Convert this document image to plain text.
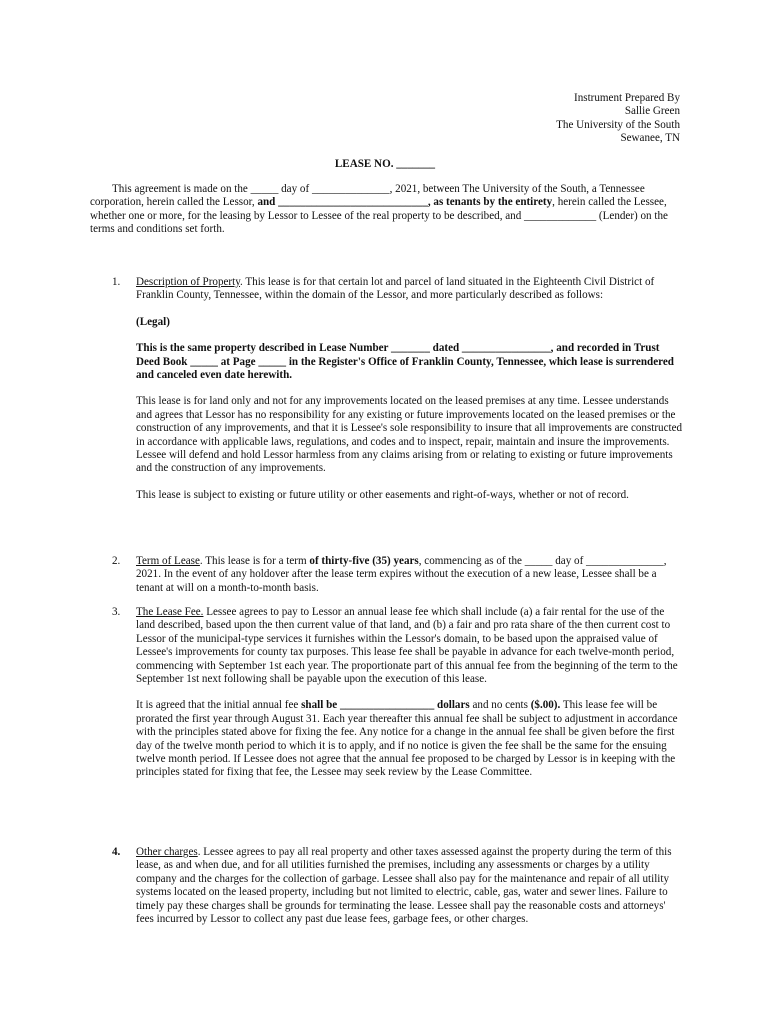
Instrument Prepared By
Sallie Green
The University of the South
Sewanee, TN
LEASE NO. _______
This agreement is made on the _____ day of ______________, 2021, between The University of the South, a Tennessee corporation, herein called the Lessor, and ___________________________, as tenants by the entirety, herein called the Lessee, whether one or more, for the leasing by Lessor to Lessee of the real property to be described, and _____________ (Lender) on the terms and conditions set forth.
1.	Description of Property. This lease is for that certain lot and parcel of land situated in the Eighteenth Civil District of Franklin County, Tennessee, within the domain of the Lessor, and more particularly described as follows:

(Legal)

This is the same property described in Lease Number _______ dated ________________, and recorded in Trust Deed Book _____ at Page _____ in the Register's Office of Franklin County, Tennessee, which lease is surrendered and canceled even date herewith.

This lease is for land only and not for any improvements located on the leased premises at any time. Lessee understands and agrees that Lessor has no responsibility for any existing or future improvements located on the leased premises or the construction of any improvements, and that it is Lessee's sole responsibility to insure that all improvements are constructed in accordance with applicable laws, regulations, and codes and to inspect, repair, maintain and insure the improvements. Lessee will defend and hold Lessor harmless from any claims arising from or relating to existing or future improvements and the construction of any improvements.

This lease is subject to existing or future utility or other easements and right-of-ways, whether or not of record.

2.	Term of Lease. This lease is for a term of thirty-five (35) years, commencing as of the _____ day of ______________, 2021. In the event of any holdover after the lease term expires without the execution of a new lease, Lessee shall be a tenant at will on a month-to-month basis.

3.	The Lease Fee. Lessee agrees to pay to Lessor an annual lease fee which shall include (a) a fair rental for the use of the land described, based upon the then current value of that land, and (b) a fair and pro rata share of the then current cost to Lessor of the municipal-type services it furnishes within the Lessor's domain, to be based upon the appraised value of Lessee's improvements for county tax purposes. This lease fee shall be payable in advance for each twelve-month period, commencing with September 1st each year. The proportionate part of this annual fee from the beginning of the term to the September 1st next following shall be payable upon the execution of this lease.

It is agreed that the initial annual fee shall be _________________ dollars and no cents ($.00). This lease fee will be prorated the first year through August 31. Each year thereafter this annual fee shall be subject to adjustment in accordance with the principles stated above for fixing the fee. Any notice for a change in the annual fee shall be given before the first day of the twelve month period to which it is to apply, and if no notice is given the fee shall be the same for the ensuing twelve month period. If Lessee does not agree that the annual fee proposed to be charged by Lessor is in keeping with the principles stated for fixing that fee, the Lessee may seek review by the Lease Committee.

4.	Other charges. Lessee agrees to pay all real property and other taxes assessed against the property during the term of this lease, as and when due, and for all utilities furnished the premises, including any assessments or charges by a utility company and the charges for the collection of garbage. Lessee shall also pay for the maintenance and repair of all utility systems located on the leased property, including but not limited to electric, cable, gas, water and sewer lines. Failure to timely pay these charges shall be grounds for terminating the lease. Lessee shall pay the reasonable costs and attorneys' fees incurred by Lessor to collect any past due lease fees, garbage fees, or other charges.
